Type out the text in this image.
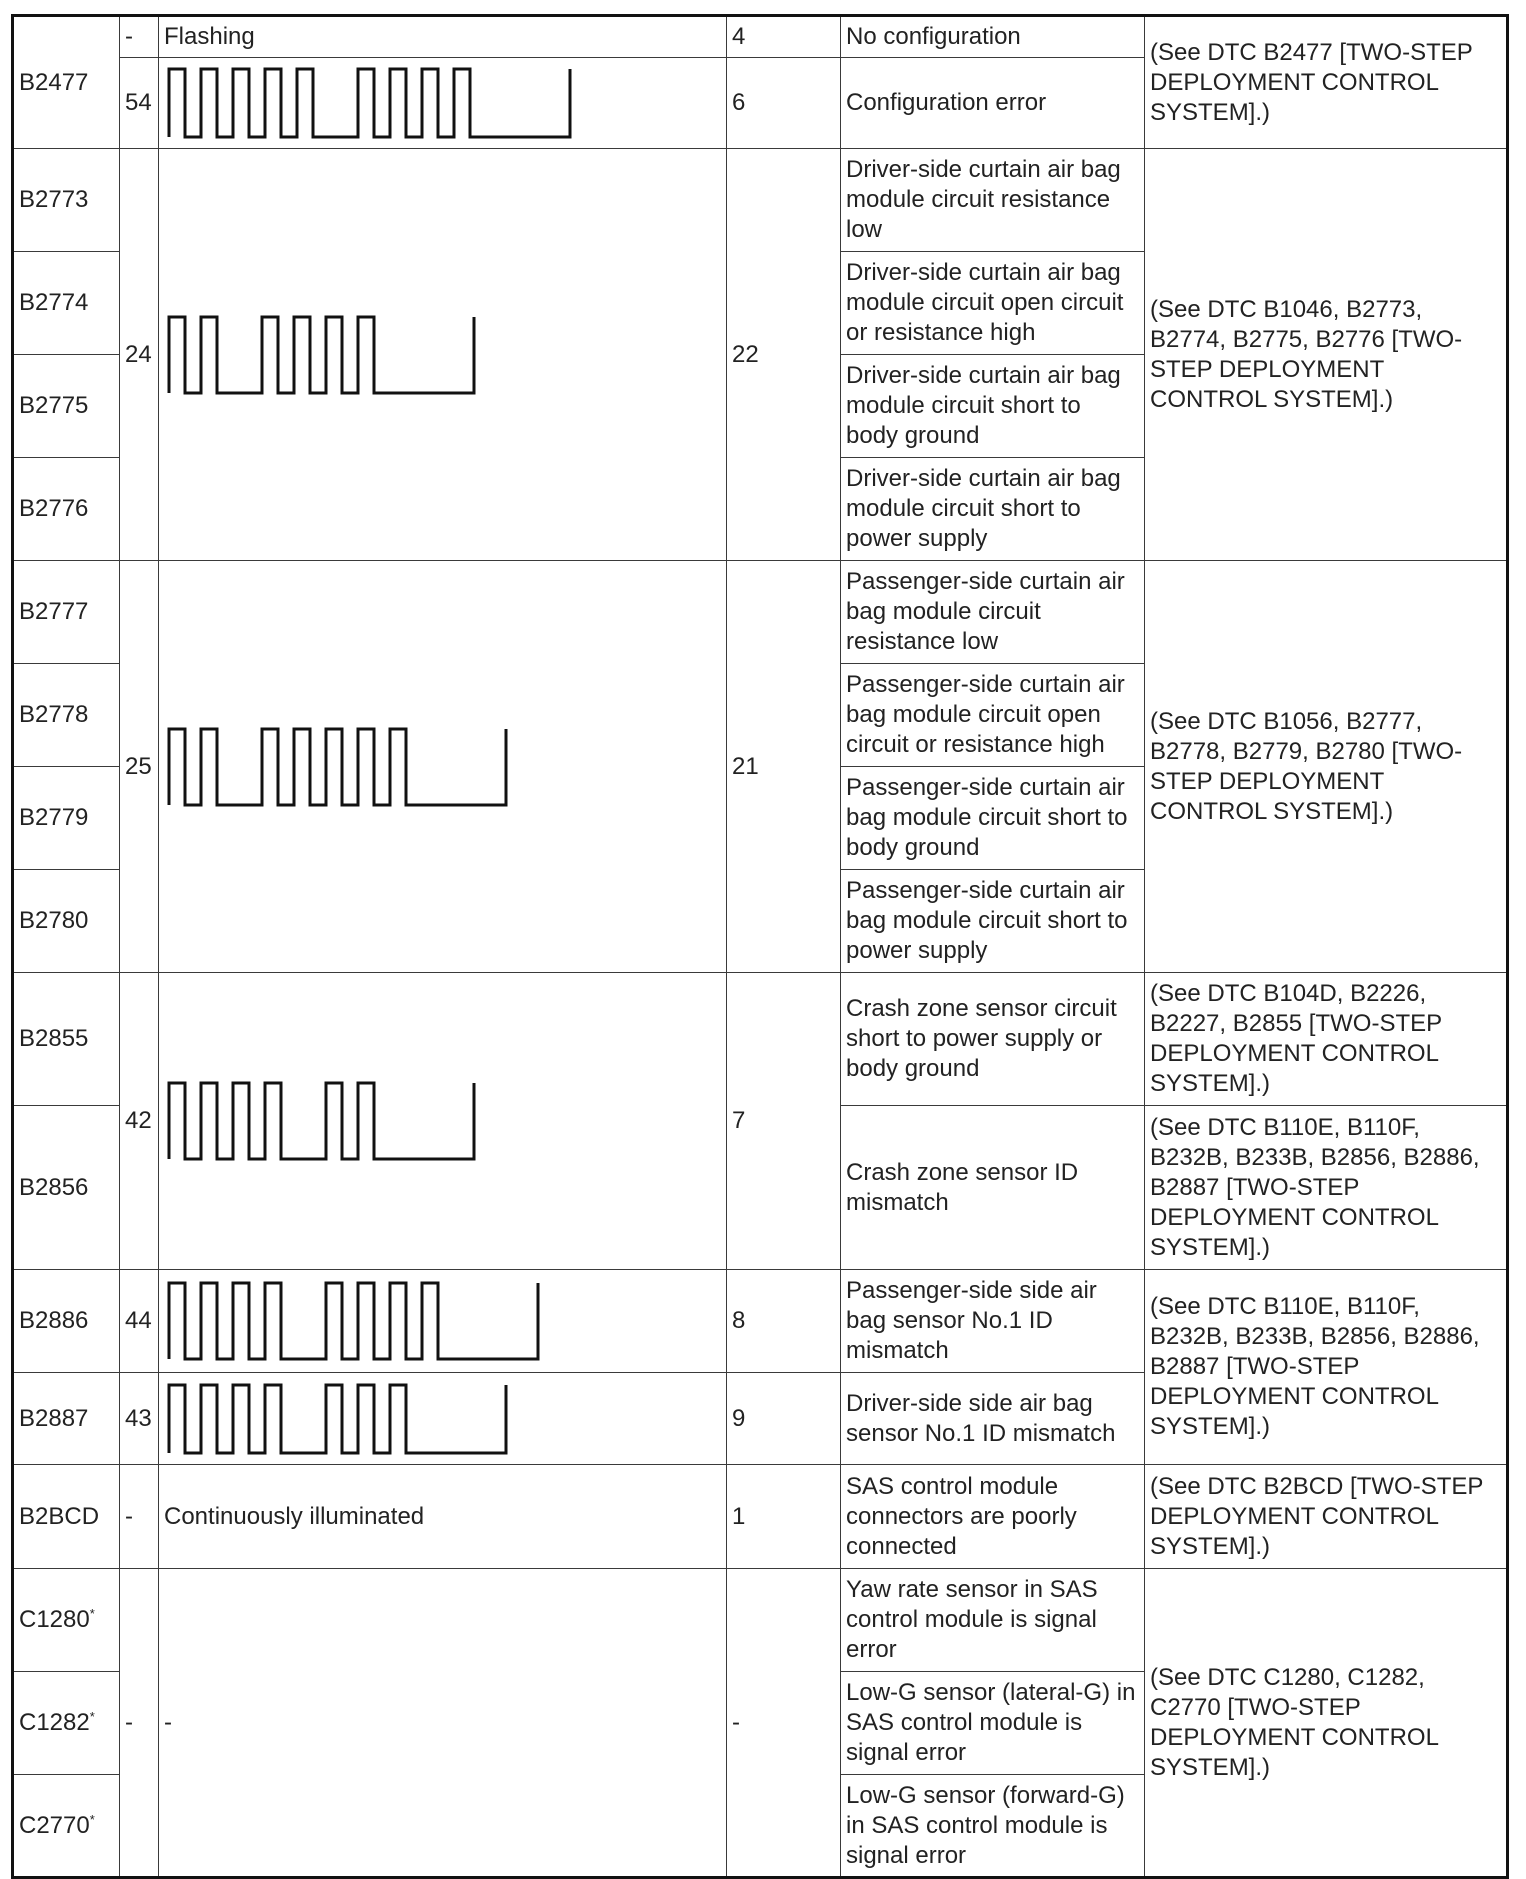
B2477	-	Flashing	4	No configuration	(See DTC B2477 [TWO-STEP DEPLOYMENT CONTROL SYSTEM].)
	54		6	Configuration error	
B2773	24		22	Driver-side curtain air bag module circuit resistance low	(See DTC B1046, B2773, B2774, B2775, B2776 [TWO-STEP DEPLOYMENT CONTROL SYSTEM].)
B2774				Driver-side curtain air bag module circuit open circuit or resistance high	
B2775				Driver-side curtain air bag module circuit short to body ground	
B2776				Driver-side curtain air bag module circuit short to power supply	
B2777	25		21	Passenger-side curtain air bag module circuit resistance low	(See DTC B1056, B2777, B2778, B2779, B2780 [TWO-STEP DEPLOYMENT CONTROL SYSTEM].)
B2778				Passenger-side curtain air bag module circuit open circuit or resistance high	
B2779				Passenger-side curtain air bag module circuit short to body ground	
B2780				Passenger-side curtain air bag module circuit short to power supply	
B2855	42		7	Crash zone sensor circuit short to power supply or body ground	(See DTC B104D, B2226, B2227, B2855 [TWO-STEP DEPLOYMENT CONTROL SYSTEM].)
B2856				Crash zone sensor ID mismatch	(See DTC B110E, B110F, B232B, B233B, B2856, B2886, B2887 [TWO-STEP DEPLOYMENT CONTROL SYSTEM].)
B2886	44		8	Passenger-side side air bag sensor No.1 ID mismatch	(See DTC B110E, B110F, B232B, B233B, B2856, B2886, B2887 [TWO-STEP DEPLOYMENT CONTROL SYSTEM].)
B2887	43		9	Driver-side side air bag sensor No.1 ID mismatch	
B2BCD	-	Continuously illuminated	1	SAS control module connectors are poorly connected	(See DTC B2BCD [TWO-STEP DEPLOYMENT CONTROL SYSTEM].)
C1280*	-	-	-	Yaw rate sensor in SAS control module is signal error	(See DTC C1280, C1282, C2770 [TWO-STEP DEPLOYMENT CONTROL SYSTEM].)
C1282*				Low-G sensor (lateral-G) in SAS control module is signal error	
C2770*				Low-G sensor (forward-G) in SAS control module is signal error	
